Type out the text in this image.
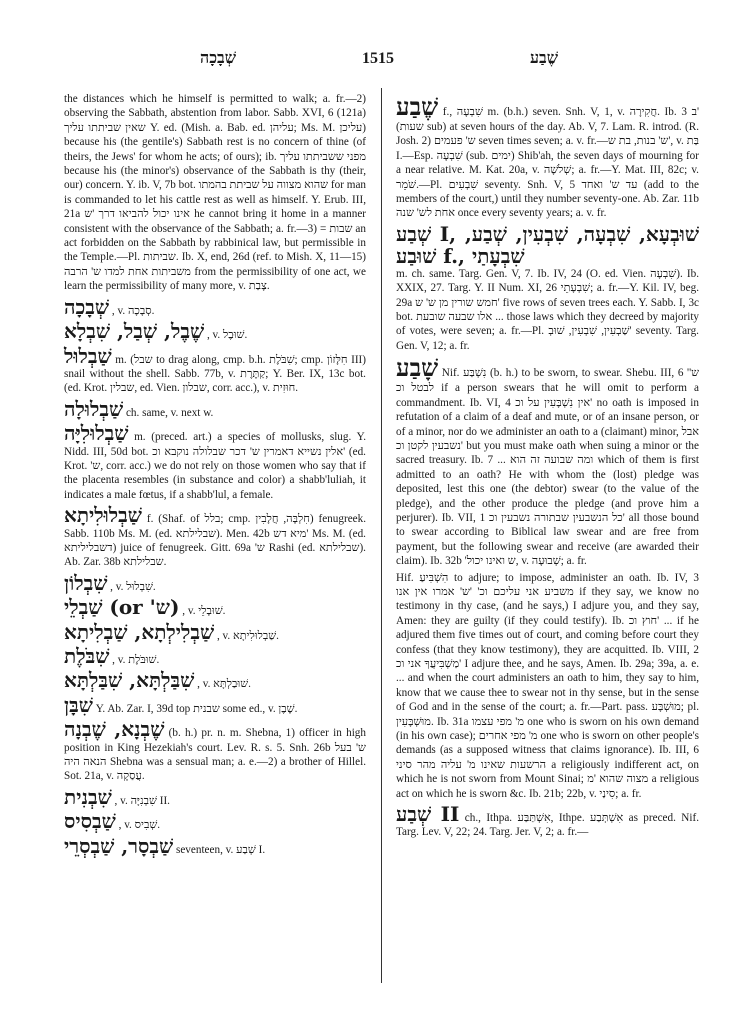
שְׁבָכָה	1515	שֶׁבַע

the distances which he himself is permitted to walk; a. fr.—2) observing the Sabbath, abstention from labor. Sabb. XVI, 6 (121a) שאין שביתתו עליך Y. ed. (Mish. a. Bab. ed. עליהן; Ms. M. עליכן) because his (the gentile's) Sabbath rest is no concern of thine (of theirs, the Jews' for whom he acts; of ours); ib. מפני ששביתתו עליך because his (the minor's) observance of the Sabbath is thy (their, our) concern. Y. ib. V, 7b bot. שהוא מצווה על שביתת בהמתו for man is commanded to let his cattle rest as well as himself. Y. Erub. III, 21a אינו יכול להביאו דרך 'ש he cannot bring it home in a manner consistent with the observance of the Sabbath; a. fr.—3) = שבות an act forbidden on the Sabbath by rabbinical law, but permissible in the Temple.—Pl. שביתות. Ib. X, end, 26d (ref. to Mish. X, 11—15) משביתות אחת למדו ש' הרבה from the permissibility of one act, we learn the permissibility of many more, v. צָבַת.

שְׁבָכָה , v. סְבָכָה.

שֶׁבֶל, שְׁבַל, שִׁבְלָא , v. שׁוּבֶל.

שַׁבְלוּל m. (שבל to drag along, cmp. b.h. שִׁבֹּלֶת; cmp. חִלָּזוֹן III) snail without the shell. Sabb. 77b, v. קַתֶּרֶת; Y. Ber. IX, 13c bot. (ed. Krot. שבלין, ed. Vien. שבלון, corr. acc.), v. חוּזִית.

שַׁבְלוּלָה ch. same, v. next w.

שַׁבְלוּלִיָּה m. (preced. art.) a species of mollusks, slug. Y. Nidd. III, 50d bot. אלין נשייא דאמרין ש' דכר שבלולה נוקבא וכ' (ed. Krot. 'ש, corr. acc.) we do not rely on those women who say that if the placenta resembles (in substance and color) a shabb'luliah, it indicates a male fœtus, if a shabb'lul, a female.

שַׁבְלוּלִיתָא f. (Shaf. of בלל; cmp. חִלְבָּה, חֲלָבִין) fenugreek. Sabb. 110b Ms. M. (ed. שבלילתא). Men. 42b מיא דש' Ms. M. (ed. דשבליליתא) juice of fenugreek. Gitt. 69a 'ש Rashi (ed. שבלילתא). Ab. Zar. 38b שבלילתא.

שִׁבְלוֹן , v. שִׁבְלוּל.

שַׁבְלֵי (or 'ש) , v. שׁוּבָלֵי.

שַׁבְלִילְתָא, שַׁבְלִיתָא , v. שַׁבְלוּלִיתָא.

שִׁבֹּלֶת , v. שׁוּבֹּלֶת.

שִׁבַּלְתָּא, שִׁבַּלְתָּא , v. שׁוּבַלְתָּא.

שִׁבָּן Y. Ab. Zar. I, 39d top שבנית some ed., v. שֶׁבֶן.

שֶׁבְנָא, שֶׁבְנָה (b. h.) pr. n. m. Shebna, 1) officer in high position in King Hezekiah's court. Lev. R. s. 5. Snh. 26b ש' בעל הנאה היה Shebna was a sensual man; a. e.—2) a brother of Hillel. Sot. 21a, v. עֲסַקָה.

שִׁבְנִית , v. שִׁבְנִיָּה II.

שַׁבְסִיס , v. שְׁבִיס.

שַׁבְסָר, שַׁבְסְרֵי seventeen, v. שְׁבַע I.

שֶׁבַע f., שִׁבְעָה m. (b.h.) seven. Snh. V, 1, v. חֲקִירָה. Ib. 3 ב' (שעות sub) at seven hours of the day. Ab. V, 7. Lam. R. introd. (R. Josh. 2) ש' פעמים seven times seven; a. v. fr.—ש' בנות, בת ש', v. בַּת I.—Esp. שִׁבְעָה (sub. ימים) Shib'ah, the seven days of mourning for a near relative. M. Kat. 20a, v. שְׁלשָׁה; a. fr.—Y. Mat. III, 82c; v. שֹׁמֵר.—Pl. שִׁבְעִים seventy. Snh. V, 5 עד ש' ואחד (add to the members of the court,) until they number seventy-one. Ab. Zar. 11b אחת לש' שנה once every seventy years; a. v. fr.

שְׁבַע I, שׁוּבְעָא, שִׁבְעָה, שִׁבְעִין, שְׁבַע, שׁוּבַע f., שִׁבְעָתַי
m. ch. same. Targ. Gen. V, 7. Ib. IV, 24 (O. ed. Vien. שִׁבְעָה). Ib. XXIX, 27. Targ. Y. II Num. XI, 26 שִׁבְעָתֵי; a. fr.—Y. Kil. IV, beg. 29a חמש שורין מן ש' ש' five rows of seven trees each. Y. Sabb. I, 3c bot. אלו שבעה שובעת ... those laws which they decreed by majority of votes, were seven; a. fr.—Pl. שַׁבְעִין, שִׁבְעִין, שׁוּבְ' seventy. Targ. Gen. V, 12; a. fr.

שָׁבַע Nif. נִשְׁבַּע (b. h.) to be sworn, to swear. Shebu. III, 6 'ש' לבטל וכ if a person swears that he will omit to perform a commandment. Ib. VI, 4 אין נִשְׁבָּעִין על וכ' no oath is imposed in refutation of a claim of a deaf and mute, or of an insane person, or of a minor, nor do we administer an oath to a (claimant) minor, אבל נשבעין לקטן וכ' but you must make oath when suing a minor or the sacred treasury. Ib. 7 ... ומה שבועה זה הוא which of them is first admitted to an oath? He with whom the (lost) pledge was deposited, lest this one (the debtor) swear (to the value of the pledge), and the other produce the pledge (and prove him a perjurer). Ib. VII, 1 כל הנשבעין שבתורה נשבעין וכ' all those bound to swear according to Biblical law swear and are free from payment, but the following swear and receive (are awarded their claim). Ib. 32b 'ש ואינו יכול, v. שְׁבוּעָה; a. fr.

Hif. הִשְׁבִּיעַ to adjure; to impose, administer an oath. Ib. IV, 3 משביע אני עליכם וכ' 'ש' אמרו אין אנו if they say, we know no testimony in thy case, (and he says,) I adjure you, and they say, Amen: they are guilty (if they could testify). Ib. חוץ וכ' ... if he adjured them five times out of court, and coming before court they confess (that they know testimony), they are acquitted. Ib. VIII, 2 מַשְׁבִּיעֲךָ אני וכ' I adjure thee, and he says, Amen. Ib. 29a; 39a, a. e. ... and when the court administers an oath to him, they say to him, know that we cause thee to swear not in thy sense, but in the sense of God and in the sense of the court; a. fr.—Part. pass. מוּשְׁבָּע; pl. מוּשְׁבָּעִין. Ib. 31a מ' מפי עצמו one who is sworn on his own demand (in his own case); מ' מפי אחרים one who is sworn on other people's demands (as a supposed witness that claims ignorance). Ib. III, 6 הרשעות שאינו מ' עליה מהר סיני a religiously indifferent act, on which he is not sworn from Mount Sinai; מצוה שהוא 'מ a religious act on which he is sworn &c. Ib. 21b; 22b, v. סִינַי; a. fr.

שְׁבַע II ch., Ithpa. אִשְׁתַּבַּע, Ithpe. אִשְׁתְּבַע as preced. Nif. Targ. Lev. V, 22; 24. Targ. Jer. V, 2; a. fr.—
